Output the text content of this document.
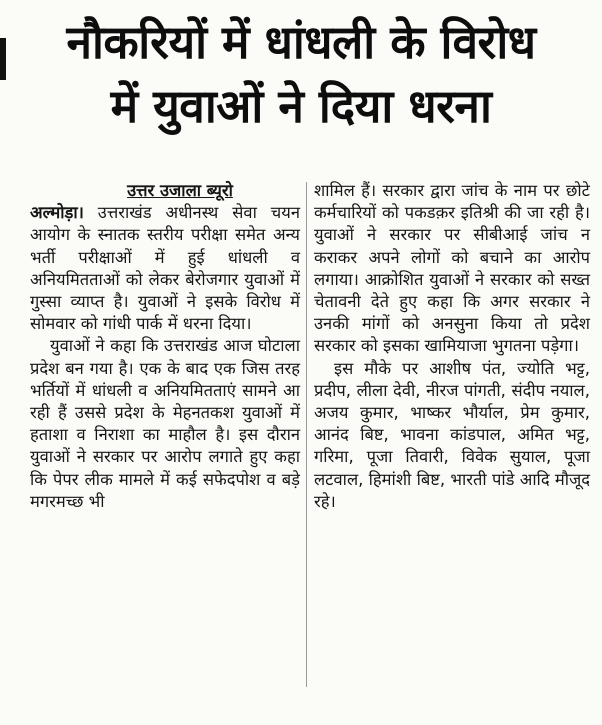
नौकरियों में धांधली के विरोध
में युवाओं ने दिया धरना
उत्तर उजाला ब्यूरो

अल्मोड़ा। उत्तराखंड अधीनस्थ सेवा चयन आयोग के स्नातक स्तरीय परीक्षा समेत अन्य भर्ती परीक्षाओं में हुई धांधली व अनियमितताओं को लेकर बेरोजगार युवाओं में गुस्सा व्याप्त है। युवाओं ने इसके विरोध में सोमवार को गांधी पार्क में धरना दिया।

युवाओं ने कहा कि उत्तराखंड आज घोटाला प्रदेश बन गया है। एक के बाद एक जिस तरह भर्तियों में धांधली व अनियमितताएं सामने आ रही हैं उससे प्रदेश के मेहनतकश युवाओं में हताशा व निराशा का माहौल है। इस दौरान युवाओं ने सरकार पर आरोप लगाते हुए कहा कि पेपर लीक मामले में कई सफेदपोश व बड़े मगरमच्छ भी

शामिल हैं। सरकार द्वारा जांच के नाम पर छोटे कर्मचारियों को पकडक़र इतिश्री की जा रही है। युवाओं ने सरकार पर सीबीआई जांच न कराकर अपने लोगों को बचाने का आरोप लगाया। आक्रोशित युवाओं ने सरकार को सख्त चेतावनी देते हुए कहा कि अगर सरकार ने उनकी मांगों को अनसुना किया तो प्रदेश सरकार को इसका खामियाजा भुगतना पड़ेगा।

इस मौके पर आशीष पंत, ज्योति भट्ट, प्रदीप, लीला देवी, नीरज पांगती, संदीप नयाल, अजय कुमार, भाष्कर भौर्याल, प्रेम कुमार, आनंद बिष्ट, भावना कांडपाल, अमित भट्ट, गरिमा, पूजा तिवारी, विवेक सुयाल, पूजा लटवाल, हिमांशी बिष्ट, भारती पांडे आदि मौजूद रहे।
